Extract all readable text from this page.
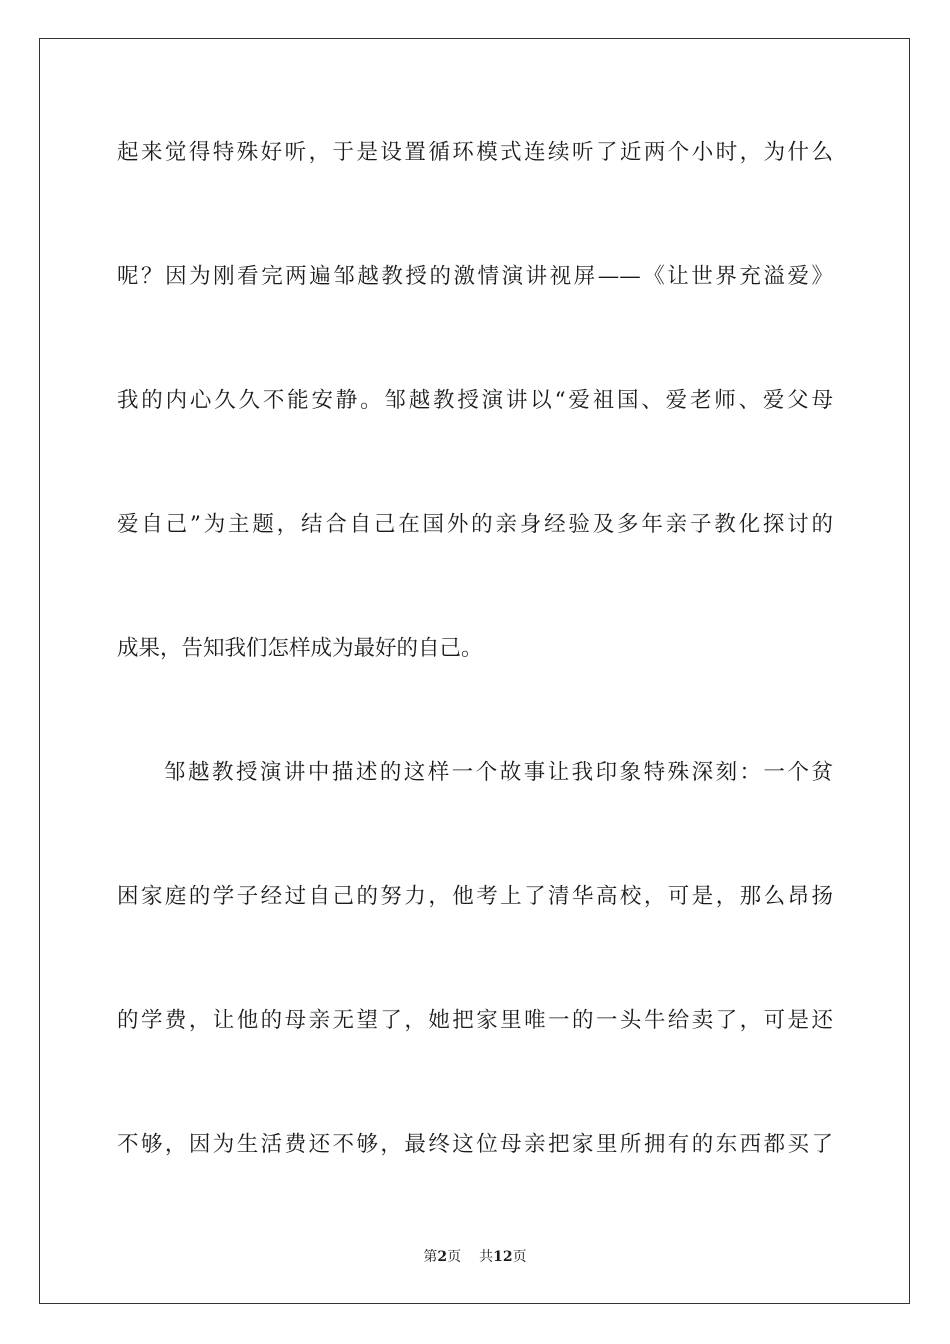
起来觉得特殊好听，于是设置循环模式连续听了近两个小时，为什么
呢？因为刚看完两遍邹越教授的激情演讲视屏——《让世界充溢爱》
我的内心久久不能安静。邹越教授演讲以“爱祖国、爱老师、爱父母
爱自己”为主题，结合自己在国外的亲身经验及多年亲子教化探讨的
成果，告知我们怎样成为最好的自己。
邹越教授演讲中描述的这样一个故事让我印象特殊深刻：一个贫
困家庭的学子经过自己的努力，他考上了清华高校，可是，那么昂扬
的学费，让他的母亲无望了，她把家里唯一的一头牛给卖了，可是还
不够，因为生活费还不够，最终这位母亲把家里所拥有的东西都买了
第2页 共12页
